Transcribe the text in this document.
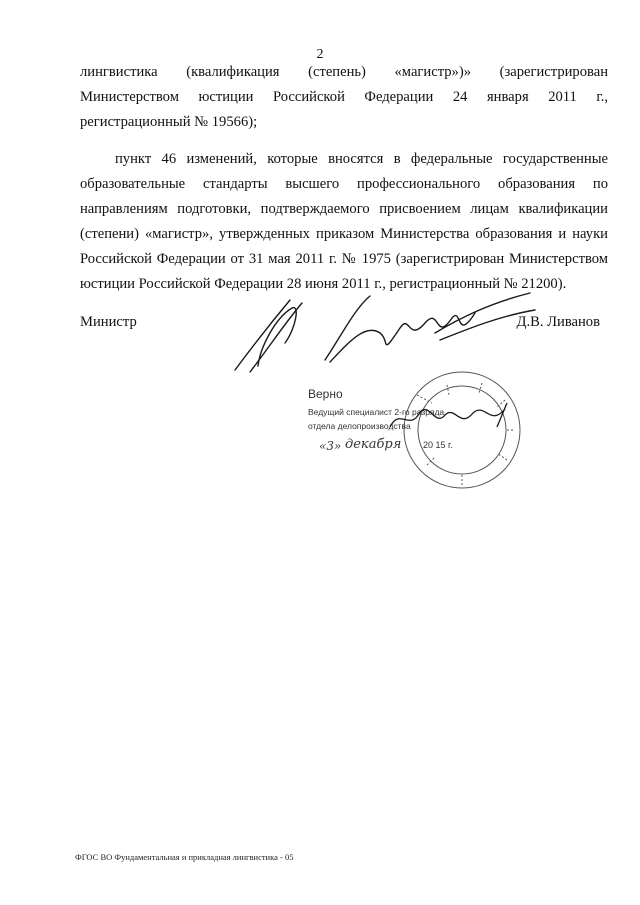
2

лингвистика (квалификация (степень) «магистр»)» (зарегистрирован Министерством юстиции Российской Федерации 24 января 2011 г., регистрационный № 19566);

пункт 46 изменений, которые вносятся в федеральные государственные образовательные стандарты высшего профессионального образования по направлениям подготовки, подтверждаемого присвоением лицам квалификации (степени) «магистр», утвержденных приказом Министерства образования и науки Российской Федерации от 31 мая 2011 г. № 1975 (зарегистрирован Министерством юстиции Российской Федерации 28 июня 2011 г., регистрационный № 21200).

Министр	Д.В. Ливанов
Верно
Ведущий специалист 2-го разряда
отдела делопроизводства
«3» декабря 20 15 г.
ФГОС ВО Фундаментальная и прикладная лингвистика - 05
